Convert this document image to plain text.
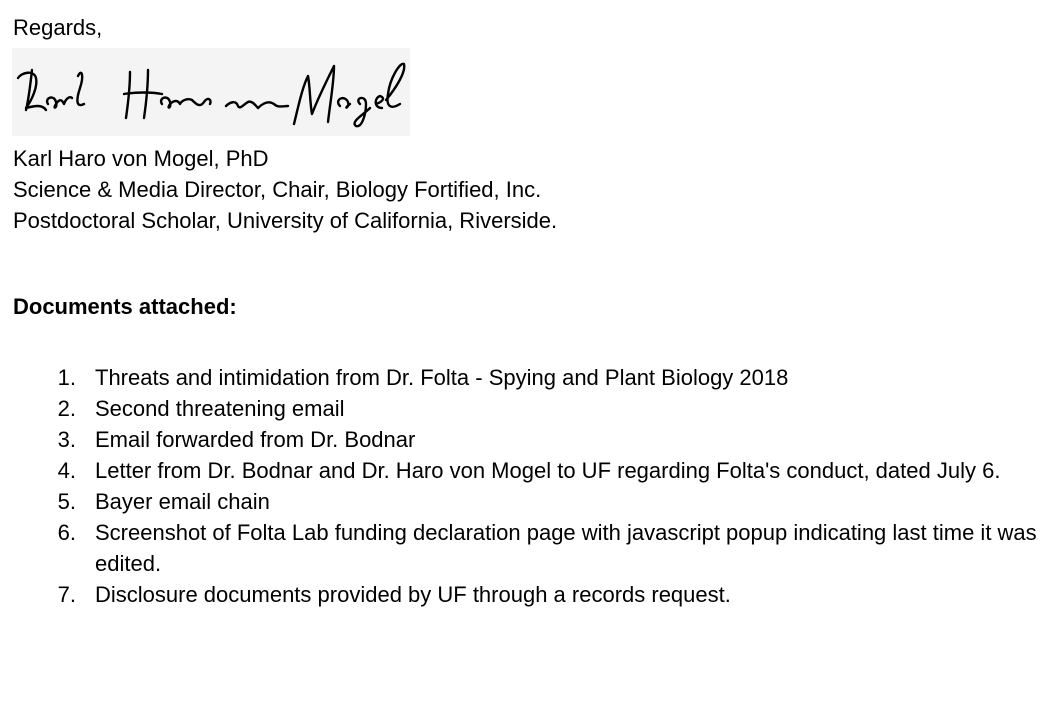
Regards,

Karl Haro von Mogel, PhD
Science & Media Director, Chair, Biology Fortified, Inc.
Postdoctoral Scholar, University of California, Riverside.

Documents attached:

1. Threats and intimidation from Dr. Folta - Spying and Plant Biology 2018
2. Second threatening email
3. Email forwarded from Dr. Bodnar
4. Letter from Dr. Bodnar and Dr. Haro von Mogel to UF regarding Folta's conduct, dated July 6.
5. Bayer email chain
6. Screenshot of Folta Lab funding declaration page with javascript popup indicating last time it was edited.
7. Disclosure documents provided by UF through a records request.
